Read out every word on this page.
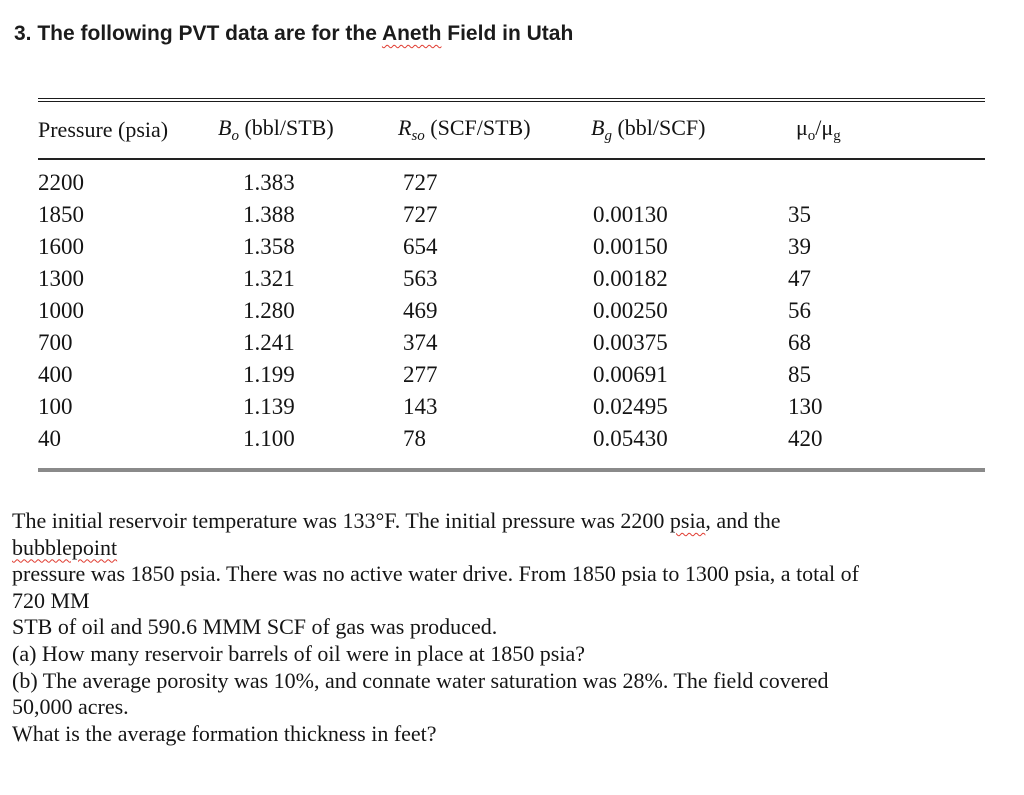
3. The following PVT data are for the Aneth Field in Utah
Pressure (psia)	$B_o$ (bbl/STB)	$R_{so}$ (SCF/STB)	$B_g$ (bbl/SCF)	$\mu_o/\mu_g$
2200	1.383	727		
1850	1.388	727	0.00130	35
1600	1.358	654	0.00150	39
1300	1.321	563	0.00182	47
1000	1.280	469	0.00250	56
700	1.241	374	0.00375	68
400	1.199	277	0.00691	85
100	1.139	143	0.02495	130
40	1.100	78	0.05430	420
The initial reservoir temperature was 133°F. The initial pressure was 2200 psia, and the
bubblepoint
pressure was 1850 psia. There was no active water drive. From 1850 psia to 1300 psia, a total of
720 MM
STB of oil and 590.6 MMM SCF of gas was produced.
(a) How many reservoir barrels of oil were in place at 1850 psia?
(b) The average porosity was 10%, and connate water saturation was 28%. The field covered
50,000 acres.
What is the average formation thickness in feet?
